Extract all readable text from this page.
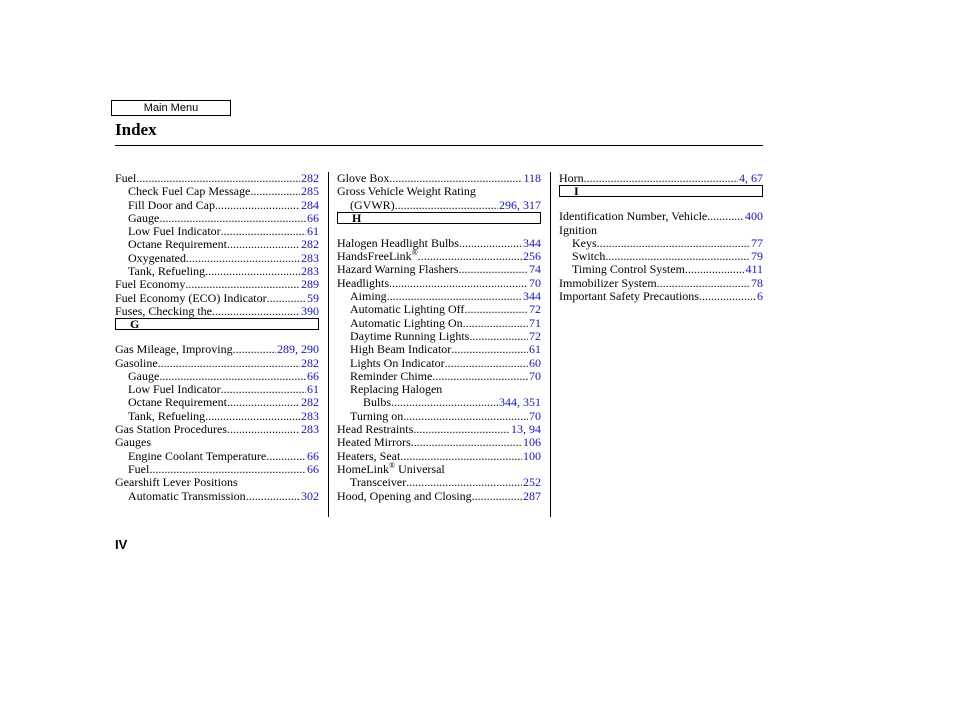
Main Menu
Index
Fuel .....	282
Check Fuel Cap Message .....	285
Fill Door and Cap .....	284
Gauge .....	66
Low Fuel Indicator .....	61
Octane Requirement .....	282
Oxygenated .....	283
Tank, Refueling .....	283
Fuel Economy .....	289
Fuel Economy (ECO) Indicator .....	59
Fuses, Checking the .....	390
G
Gas Mileage, Improving .....	289, 290
Gasoline .....	282
Gauge .....	66
Low Fuel Indicator .....	61
Octane Requirement .....	282
Tank, Refueling .....	283
Gas Station Procedures .....	283
Gauges
Engine Coolant Temperature .....	66
Fuel .....	66
Gearshift Lever Positions
Automatic Transmission .....	302
Glove Box .....	118
Gross Vehicle Weight Rating
(GVWR) .....	296, 317
H
Halogen Headlight Bulbs .....	344
HandsFreeLink® .....	256
Hazard Warning Flashers .....	74
Headlights .....	70
Aiming .....	344
Automatic Lighting Off .....	72
Automatic Lighting On .....	71
Daytime Running Lights .....	72
High Beam Indicator .....	61
Lights On Indicator .....	60
Reminder Chime .....	70
Replacing Halogen
Bulbs .....	344, 351
Turning on .....	70
Head Restraints .....	13, 94
Heated Mirrors .....	106
Heaters, Seat .....	100
HomeLink® Universal
Transceiver .....	252
Hood, Opening and Closing .....	287
Horn .....	4, 67
I
Identification Number, Vehicle .....	400
Ignition
Keys .....	77
Switch .....	79
Timing Control System .....	411
Immobilizer System .....	78
Important Safety Precautions .....	6
IV
